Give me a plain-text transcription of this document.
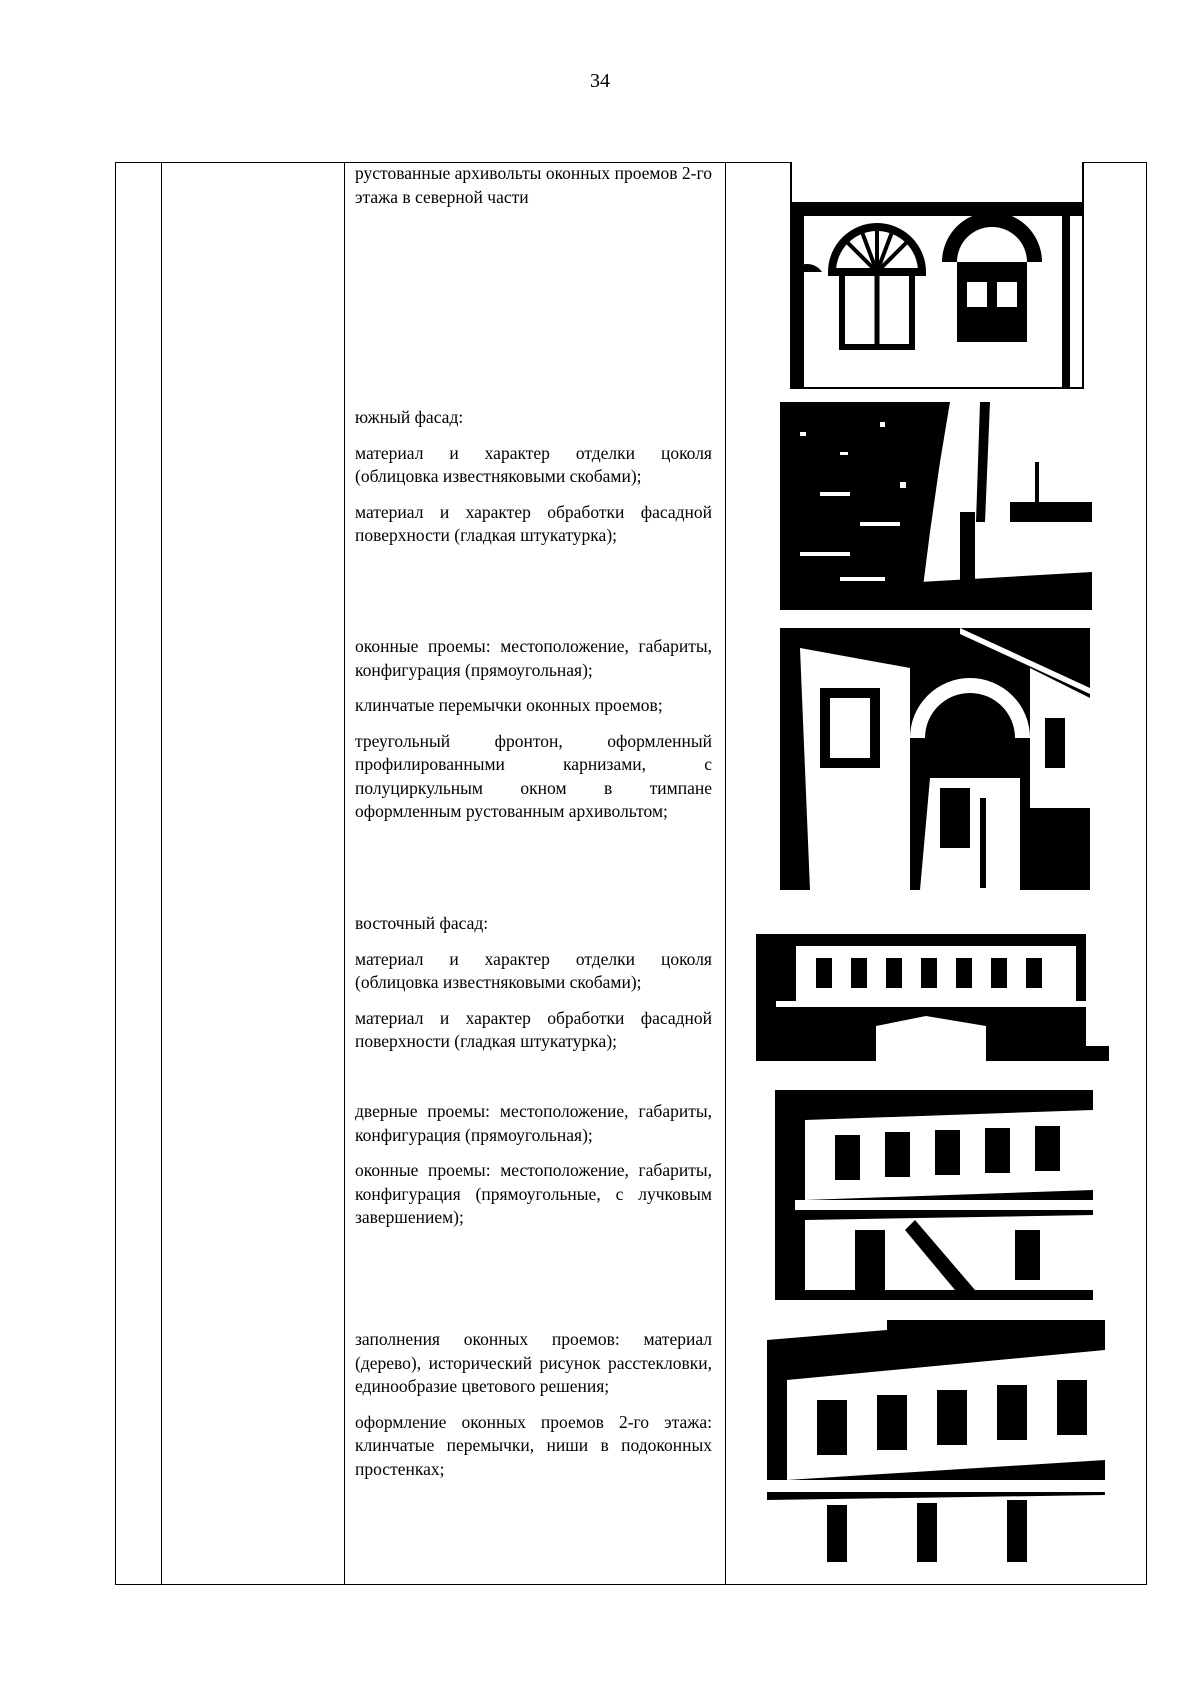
34

рустованные архивольты оконных проемов 2-го этажа в северной части

южный фасад:

материал и характер отделки цоколя (облицовка известняковыми скобами);

материал и характер обработки фасадной поверхности (гладкая штукатурка);

оконные проемы: местоположение, габариты, конфигурация (прямоугольная);

клинчатые перемычки оконных проемов;

треугольный фронтон, оформленный профилированными карнизами, с полуциркульным окном в тимпане оформленным рустованным архивольтом;

восточный фасад:

материал и характер отделки цоколя (облицовка известняковыми скобами);

материал и характер обработки фасадной поверхности (гладкая штукатурка);

дверные проемы: местоположение, габариты, конфигурация (прямоугольная);

оконные проемы: местоположение, габариты, конфигурация (прямоугольные, с лучковым завершением);

заполнения оконных проемов: материал (дерево), исторический рисунок расстекловки, единообразие цветового решения;

оформление оконных проемов 2-го этажа: клинчатые перемычки, ниши в подоконных простенках;
